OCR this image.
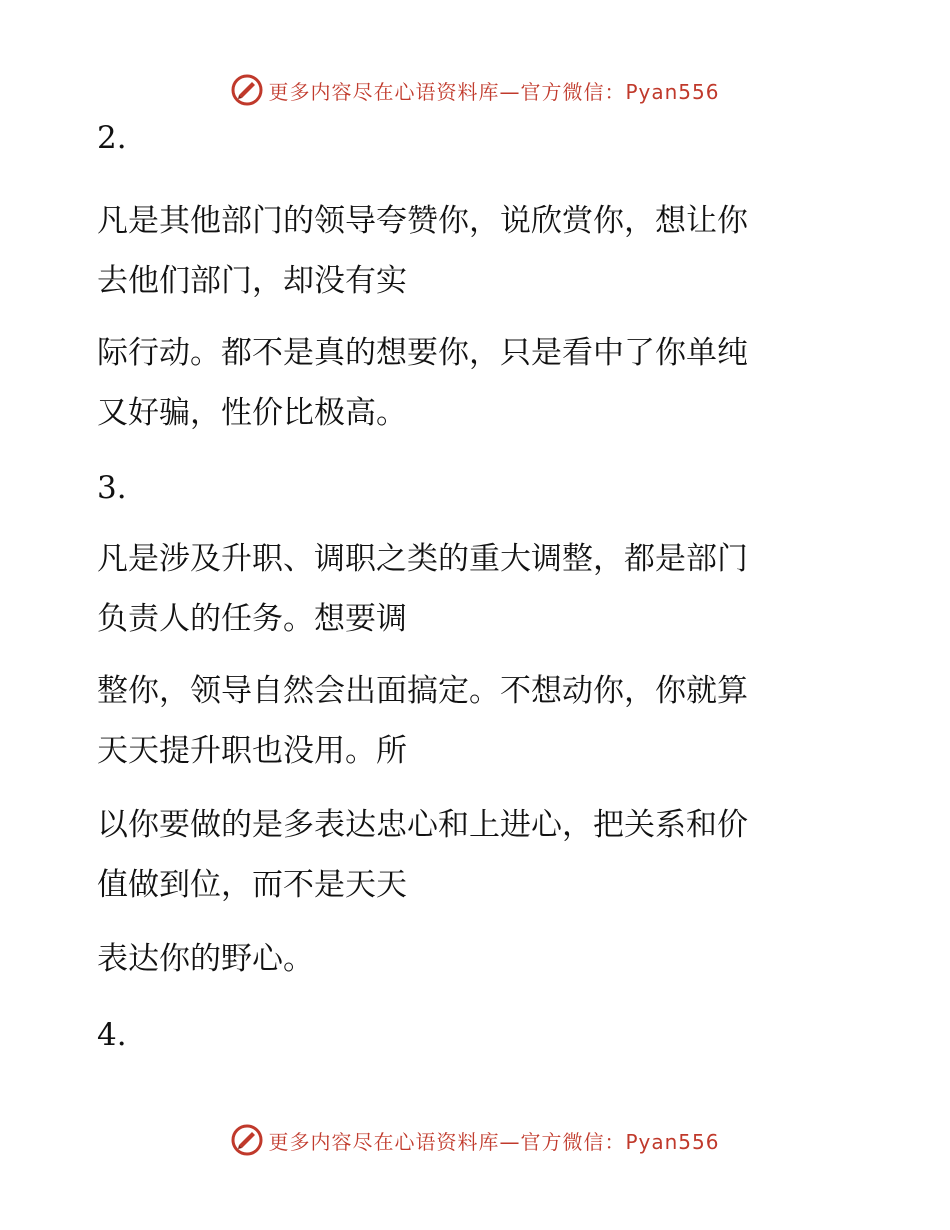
更多内容尽在心语资料库—官方微信：Pyan556
2.
凡是其他部门的领导夸赞你，说欣赏你，想让你
去他们部门，却没有实
际行动。都不是真的想要你，只是看中了你单纯
又好骗，性价比极高。
3.
凡是涉及升职、调职之类的重大调整，都是部门
负责人的任务。想要调
整你，领导自然会出面搞定。不想动你，你就算
天天提升职也没用。所
以你要做的是多表达忠心和上进心，把关系和价
值做到位，而不是天天
表达你的野心。
4.
更多内容尽在心语资料库—官方微信：Pyan556
